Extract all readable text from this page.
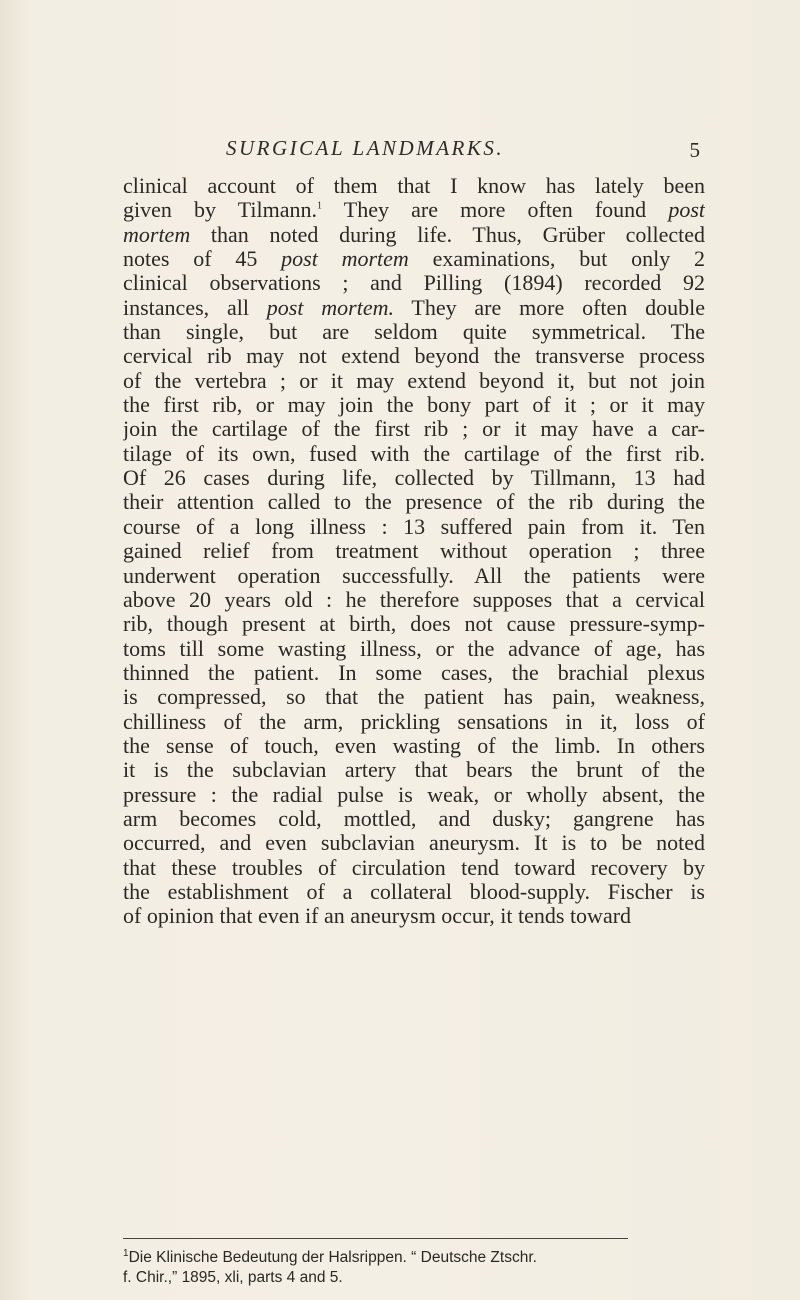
SURGICAL LANDMARKS.	5
clinical account of them that I know has lately been
given by Tilmann.$^1$ They are more often found post
mortem than noted during life. Thus, Grüber collected
notes of 45 post mortem examinations, but only 2
clinical observations ; and Pilling (1894) recorded 92
instances, all post mortem. They are more often double
than single, but are seldom quite symmetrical. The
cervical rib may not extend beyond the transverse process
of the vertebra ; or it may extend beyond it, but not join
the first rib, or may join the bony part of it ; or it may
join the cartilage of the first rib ; or it may have a car-
tilage of its own, fused with the cartilage of the first rib.
Of 26 cases during life, collected by Tillmann, 13 had
their attention called to the presence of the rib during the
course of a long illness : 13 suffered pain from it. Ten
gained relief from treatment without operation ; three
underwent operation successfully. All the patients were
above 20 years old : he therefore supposes that a cervical
rib, though present at birth, does not cause pressure-symp-
toms till some wasting illness, or the advance of age, has
thinned the patient. In some cases, the brachial plexus
is compressed, so that the patient has pain, weakness,
chilliness of the arm, prickling sensations in it, loss of
the sense of touch, even wasting of the limb. In others
it is the subclavian artery that bears the brunt of the
pressure : the radial pulse is weak, or wholly absent, the
arm becomes cold, mottled, and dusky; gangrene has
occurred, and even subclavian aneurysm. It is to be noted
that these troubles of circulation tend toward recovery by
the establishment of a collateral blood-supply. Fischer is
of opinion that even if an aneurysm occur, it tends toward
$^1$Die Klinische Bedeutung der Halsrippen. “ Deutsche Ztschr.
f. Chir.,” 1895, xli, parts 4 and 5.
